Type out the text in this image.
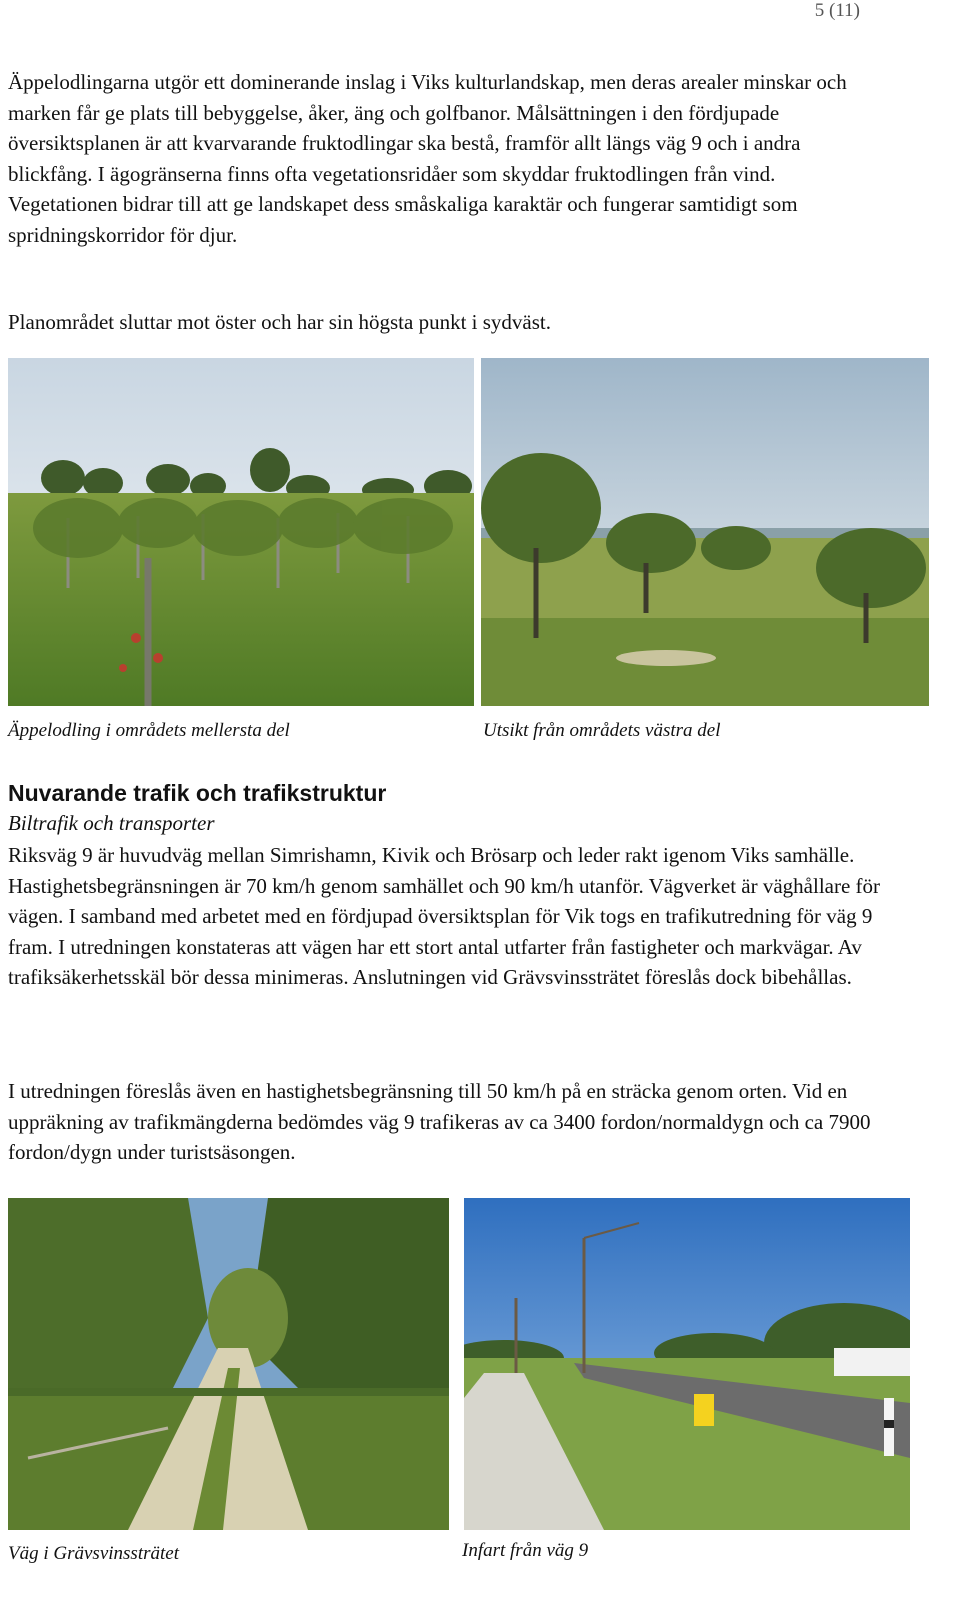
5 (11)

Äppelodlingarna utgör ett dominerande inslag i Viks kulturlandskap, men deras arealer minskar och marken får ge plats till bebyggelse, åker, äng och golfbanor. Målsättningen i den fördjupade översiktsplanen är att kvarvarande fruktodlingar ska bestå, framför allt längs väg 9 och i andra blickfång. I ägogränserna finns ofta vegetationsridåer som skyddar fruktodlingen från vind. Vegetationen bidrar till att ge landskapet dess småskaliga karaktär och fungerar samtidigt som spridningskorridor för djur.

Planområdet sluttar mot öster och har sin högsta punkt i sydväst.

Äppelodling i områdets mellersta del	Utsikt från områdets västra del

Nuvarande trafik och trafikstruktur
Biltrafik och transporter

Riksväg 9 är huvudväg mellan Simrishamn, Kivik och Brösarp och leder rakt igenom Viks samhälle. Hastighetsbegränsningen är 70 km/h genom samhället och 90 km/h utanför. Vägverket är väghållare för vägen. I samband med arbetet med en fördjupad översiktsplan för Vik togs en trafikutredning för väg 9 fram. I utredningen konstateras att vägen har ett stort antal utfarter från fastigheter och markvägar. Av trafiksäkerhetsskäl bör dessa minimeras. Anslutningen vid Grävsvinssträtet föreslås dock bibehållas.

I utredningen föreslås även en hastighetsbegränsning till 50 km/h på en sträcka genom orten. Vid en uppräkning av trafikmängderna bedömdes väg 9 trafikeras av ca 3400 fordon/normaldygn och ca 7900 fordon/dygn under turistsäsongen.

Väg i Grävsvinssträtet	Infart från väg 9
